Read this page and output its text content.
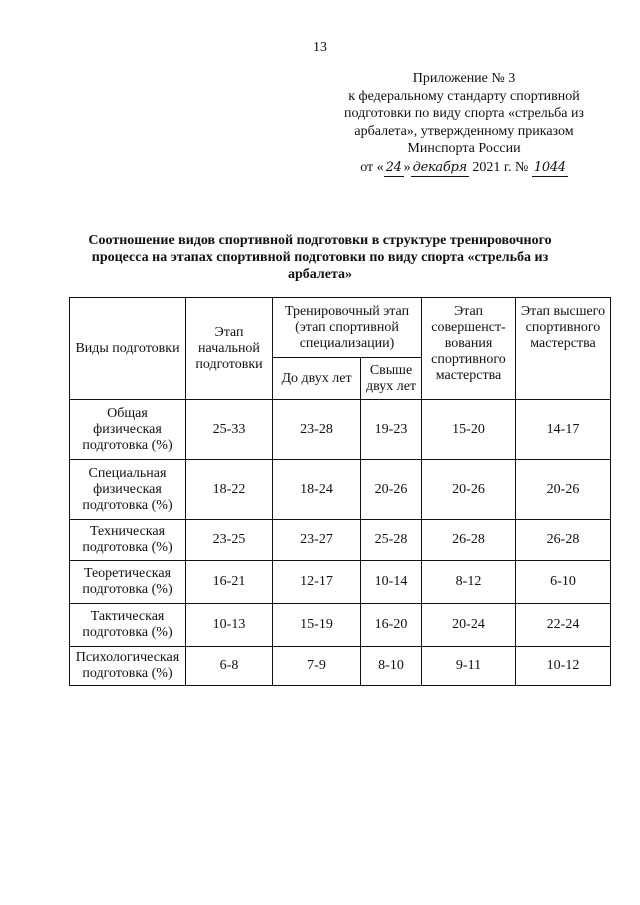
13
Приложение № 3
к федеральному стандарту спортивной
подготовки по виду спорта «стрельба из
арбалета», утвержденному приказом
Минспорта России
от « 24 » декабря 2021 г. № 1044
Соотношение видов спортивной подготовки в структуре тренировочного процесса на этапах спортивной подготовки по виду спорта «стрельба из арбалета»
Виды подготовки	Этап начальной подготовки	Тренировочный этап (этап спортивной специализации)		Этап совершенст-вования спортивного мастерства	Этап высшего спортивного мастерства
		До двух лет	Свыше двух лет		
Общая физическая подготовка (%)	25-33	23-28	19-23	15-20	14-17
Специальная физическая подготовка (%)	18-22	18-24	20-26	20-26	20-26
Техническая подготовка (%)	23-25	23-27	25-28	26-28	26-28
Теоретическая подготовка (%)	16-21	12-17	10-14	8-12	6-10
Тактическая подготовка (%)	10-13	15-19	16-20	20-24	22-24
Психологическая подготовка (%)	6-8	7-9	8-10	9-11	10-12
